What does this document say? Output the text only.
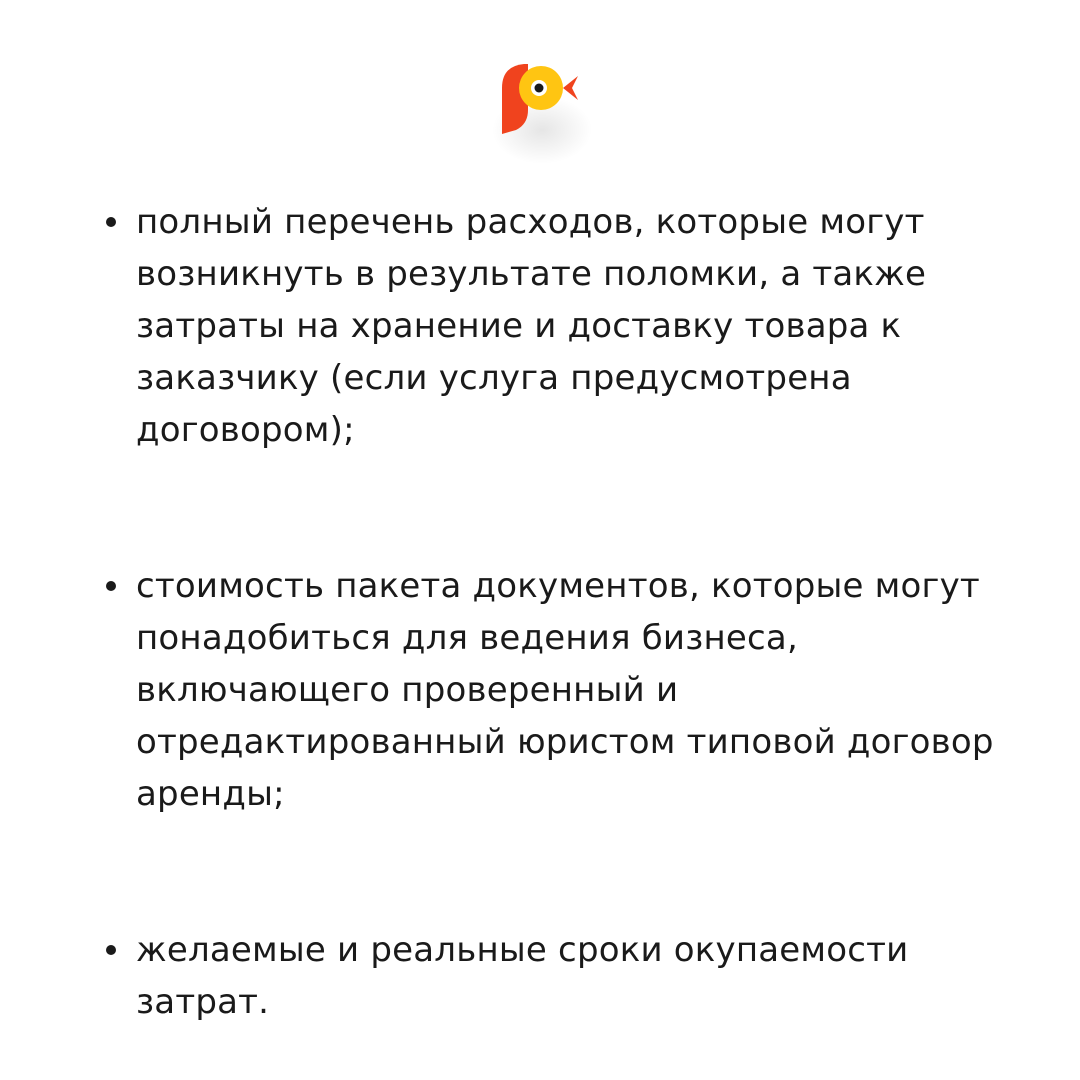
полный перечень расходов, которые могут возникнуть в результате поломки, а также затраты на хранение и доставку товара к заказчику (если услуга предусмотрена договором);
стоимость пакета документов, которые могут понадобиться для ведения бизнеса, включающего проверенный и отредактированный юристом типовой договор аренды;
желаемые и реальные сроки окупаемости затрат.
